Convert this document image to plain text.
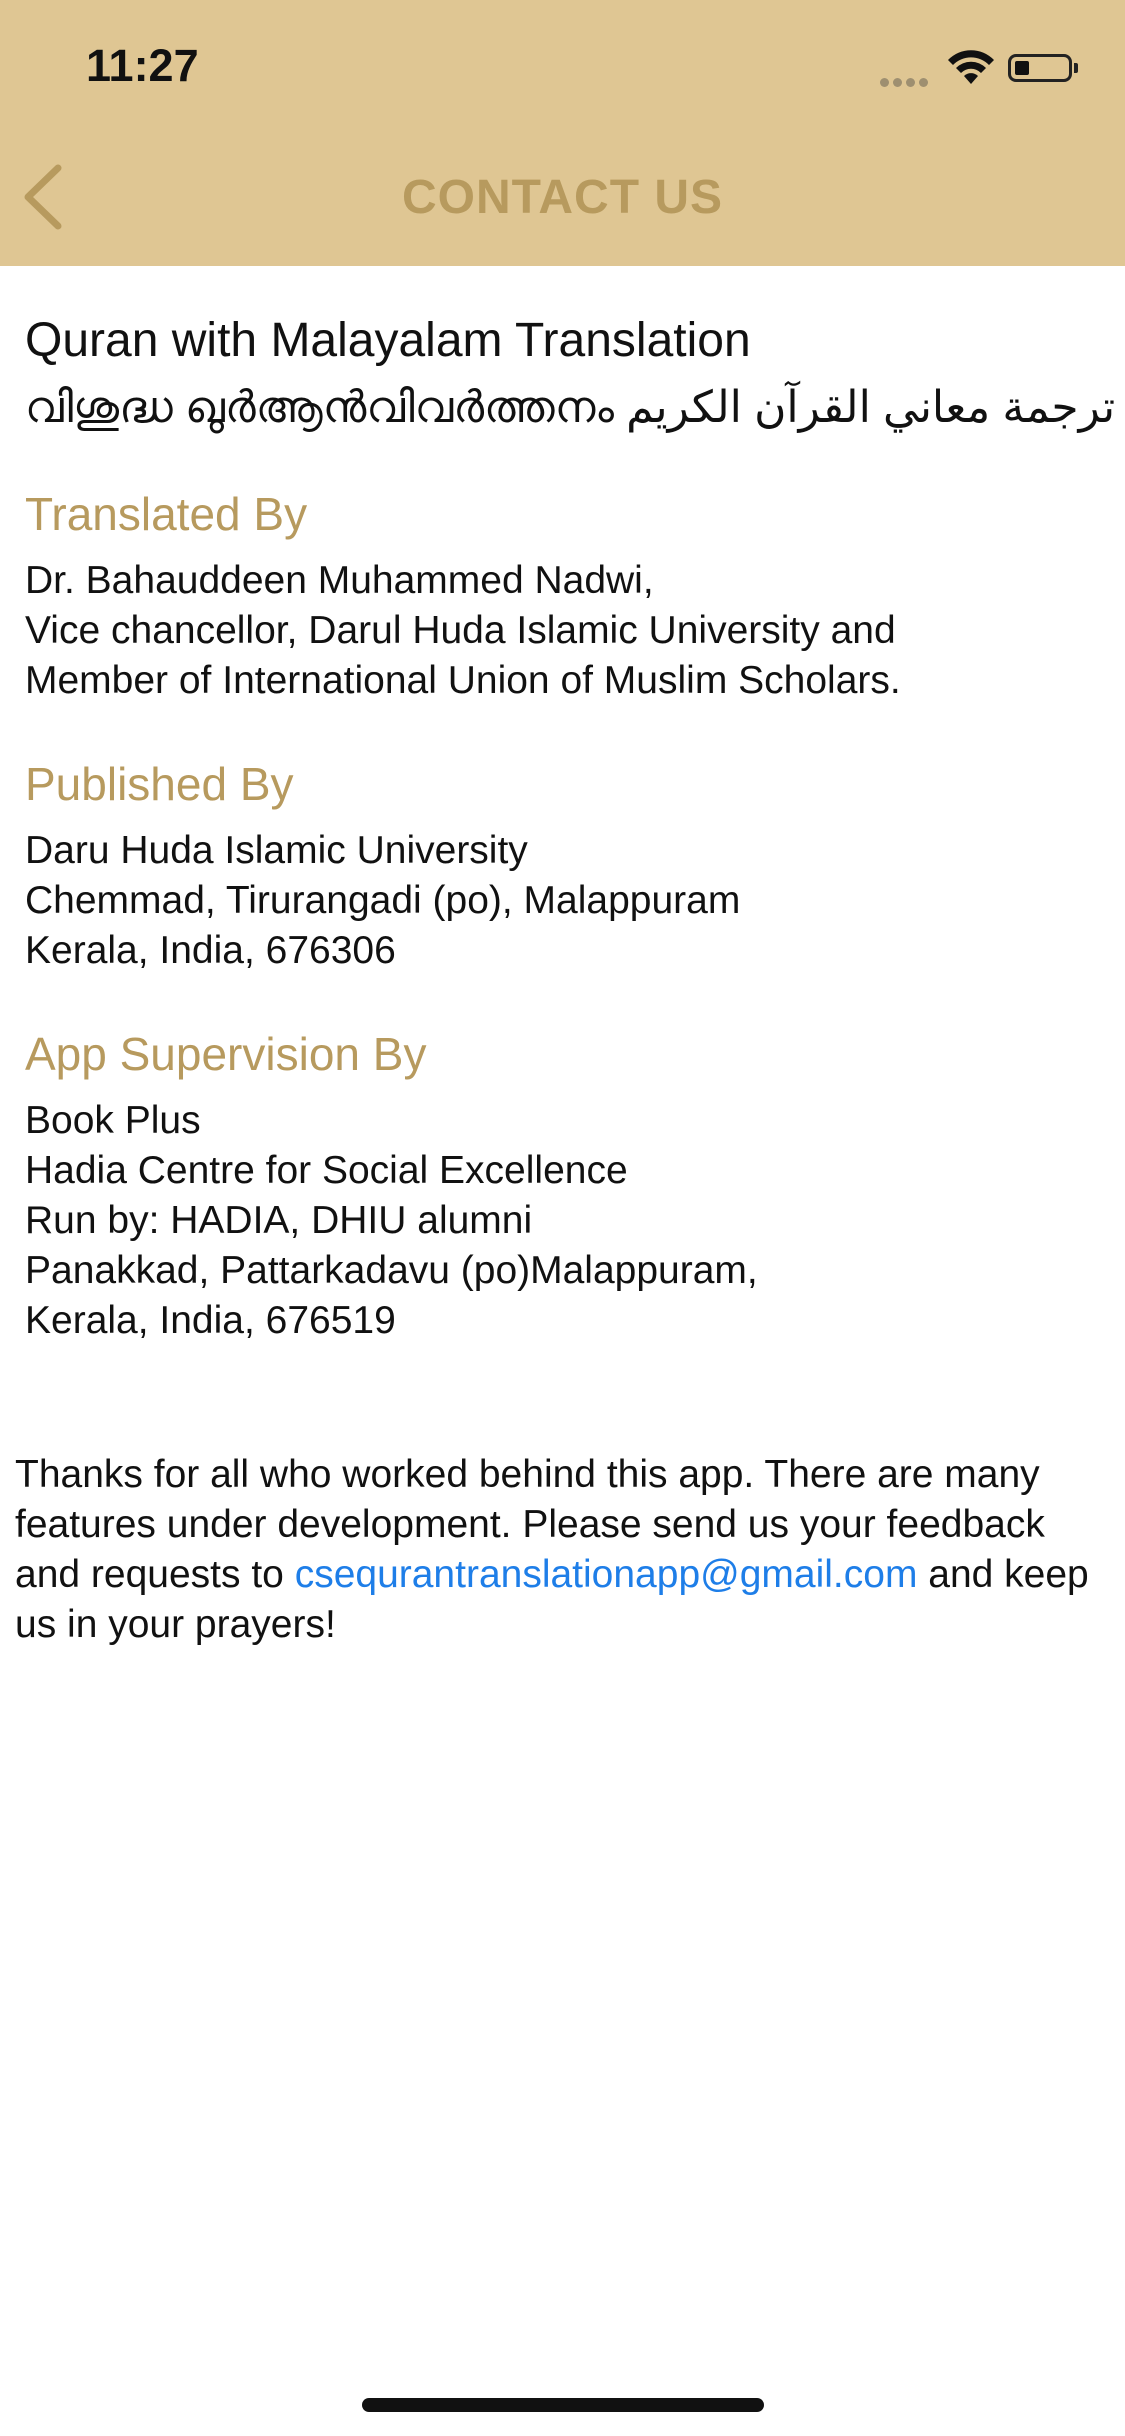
11:27
CONTACT US
Quran with Malayalam Translation
വിശുദ്ധ ഖുർആൻവിവർത്തനം ترجمة معاني القرآن الكريم
Translated By
Dr. Bahauddeen Muhammed Nadwi,
Vice chancellor, Darul Huda Islamic University and
Member of International Union of Muslim Scholars.
Published By
Daru Huda Islamic University
Chemmad, Tirurangadi (po), Malappuram
Kerala, India, 676306
App Supervision By
Book Plus
Hadia Centre for Social Excellence
Run by: HADIA, DHIU alumni
Panakkad, Pattarkadavu (po)Malappuram,
Kerala, India, 676519
Thanks for all who worked behind this app. There are many features under development. Please send us your feedback and requests to csequrantranslationapp@gmail.com and keep us in your prayers!
